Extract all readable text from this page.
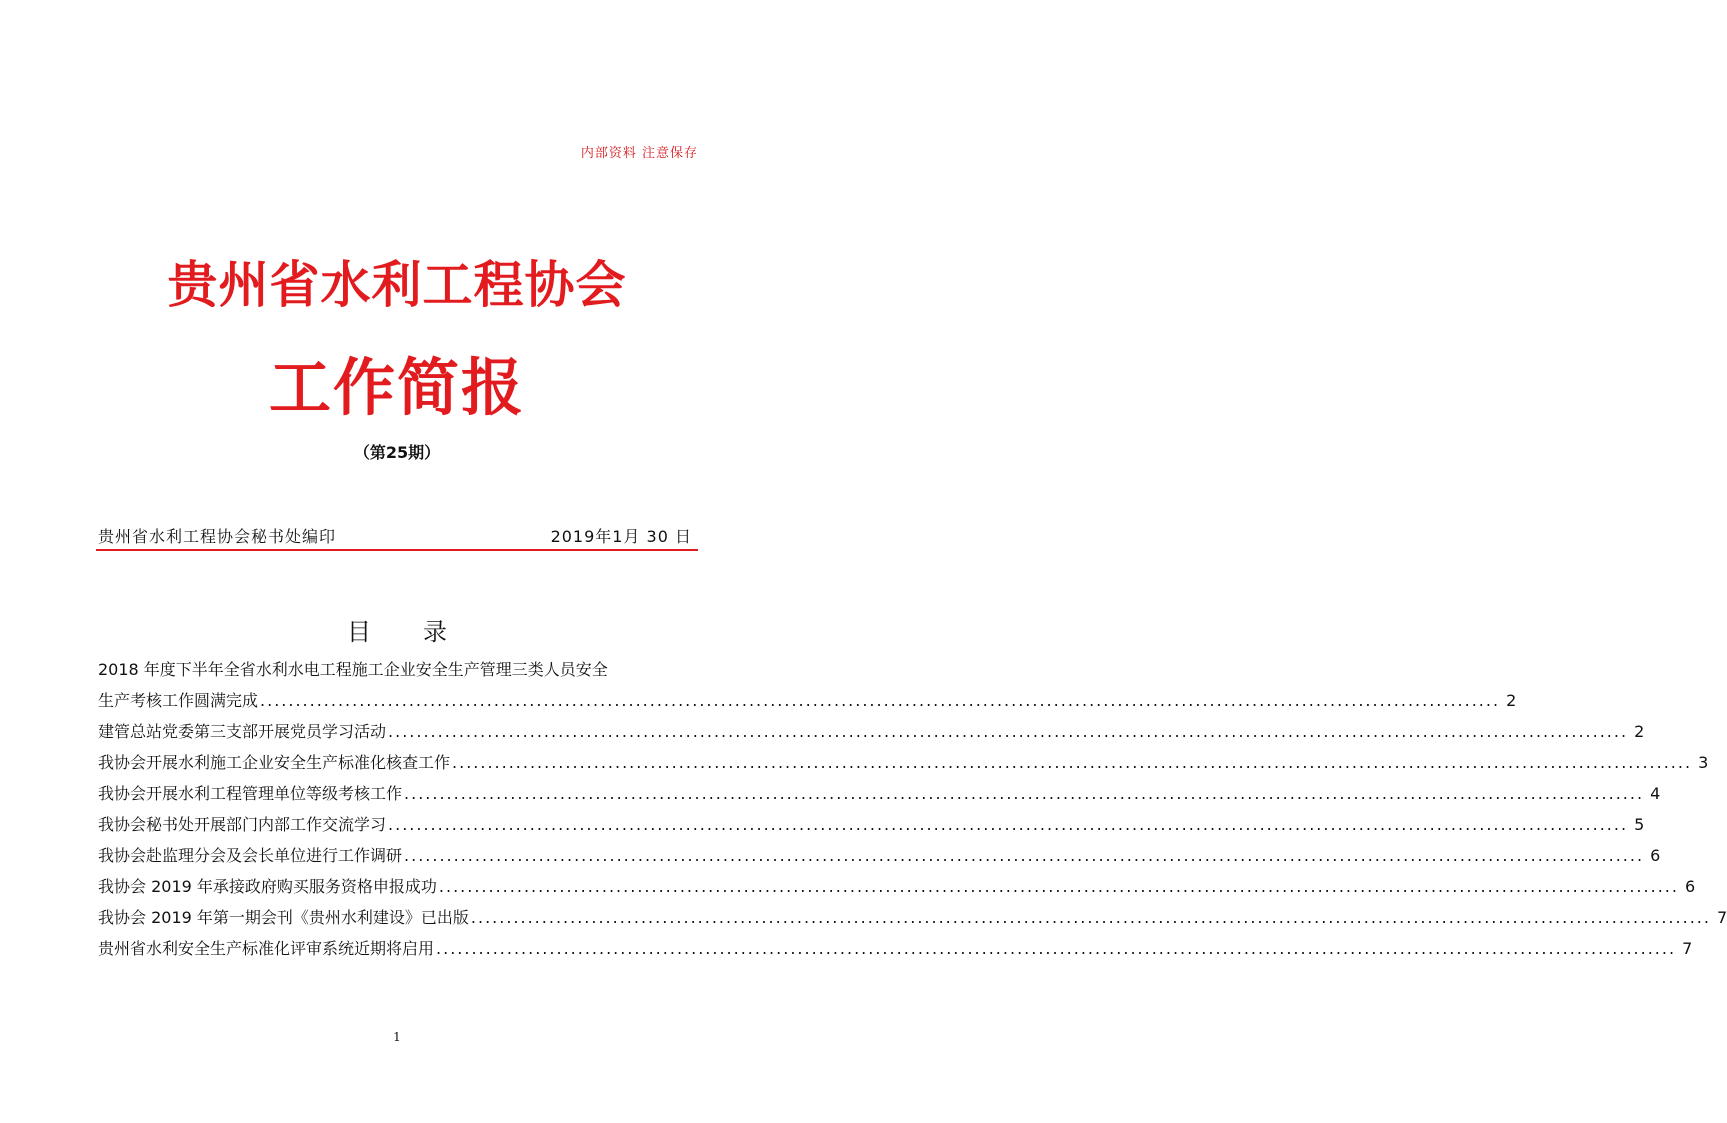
内部资料 注意保存
贵州省水利工程协会
工作简报
（第25期）
贵州省水利工程协会秘书处编印	2019年1月 30 日
目 录
2018 年度下半年全省水利水电工程施工企业安全生产管理三类人员安全
生产考核工作圆满完成 .....	2
建管总站党委第三支部开展党员学习活动 .....	2
我协会开展水利施工企业安全生产标准化核查工作 .....	3
我协会开展水利工程管理单位等级考核工作 .....	4
我协会秘书处开展部门内部工作交流学习 .....	5
我协会赴监理分会及会长单位进行工作调研 .....	6
我协会 2019 年承接政府购买服务资格申报成功 .....	6
我协会 2019 年第一期会刊《贵州水利建设》已出版 .....	7
贵州省水利安全生产标准化评审系统近期将启用 .....	7
1
